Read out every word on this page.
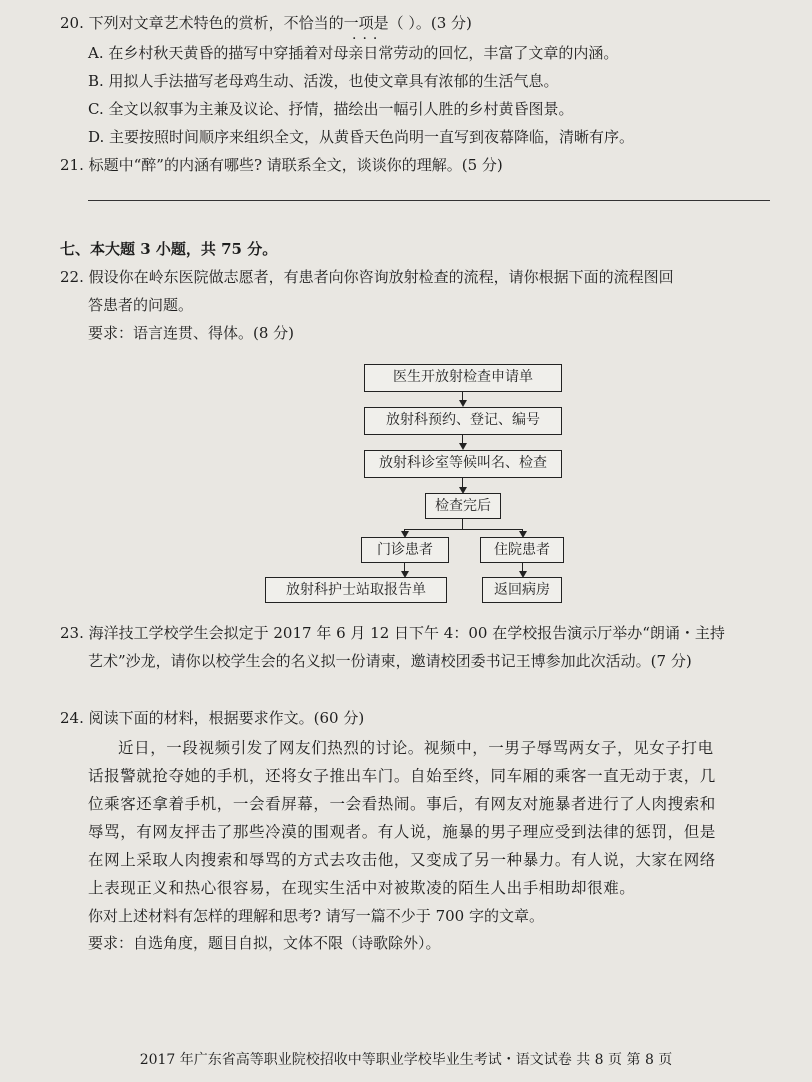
20. 下列对文章艺术特色的赏析，不恰当的一项是（ ）。(3 分)
···
A. 在乡村秋天黄昏的描写中穿插着对母亲日常劳动的回忆，丰富了文章的内涵。
B. 用拟人手法描写老母鸡生动、活泼，也使文章具有浓郁的生活气息。
C. 全文以叙事为主兼及议论、抒情，描绘出一幅引人胜的乡村黄昏图景。
D. 主要按照时间顺序来组织全文，从黄昏天色尚明一直写到夜幕降临，清晰有序。
21. 标题中“醉”的内涵有哪些? 请联系全文，谈谈你的理解。(5 分)
七、本大题 3 小题，共 75 分。
22. 假设你在岭东医院做志愿者，有患者向你咨询放射检查的流程，请你根据下面的流程图回
答患者的问题。
要求：语言连贯、得体。(8 分)
医生开放射检查申请单
放射科预约、登记、编号
放射科诊室等候叫名、检查
检查完后
门诊患者	住院患者
放射科护士站取报告单	返回病房
23. 海洋技工学校学生会拟定于 2017 年 6 月 12 日下午 4：00 在学校报告演示厅举办“朗诵・主持
艺术”沙龙，请你以校学生会的名义拟一份请柬，邀请校团委书记王博参加此次活动。(7 分)
24. 阅读下面的材料，根据要求作文。(60 分)
近日，一段视频引发了网友们热烈的讨论。视频中，一男子辱骂两女子，见女子打电
话报警就抢夺她的手机，还将女子推出车门。自始至终，同车厢的乘客一直无动于衷，几
位乘客还拿着手机，一会看屏幕，一会看热闹。事后，有网友对施暴者进行了人肉搜索和
辱骂，有网友抨击了那些冷漠的围观者。有人说，施暴的男子理应受到法律的惩罚，但是
在网上采取人肉搜索和辱骂的方式去攻击他，又变成了另一种暴力。有人说，大家在网络
上表现正义和热心很容易，在现实生活中对被欺凌的陌生人出手相助却很难。
你对上述材料有怎样的理解和思考? 请写一篇不少于 700 字的文章。
要求：自选角度，题目自拟，文体不限（诗歌除外）。
2017 年广东省高等职业院校招收中等职业学校毕业生考试・语文试卷 共 8 页 第 8 页
